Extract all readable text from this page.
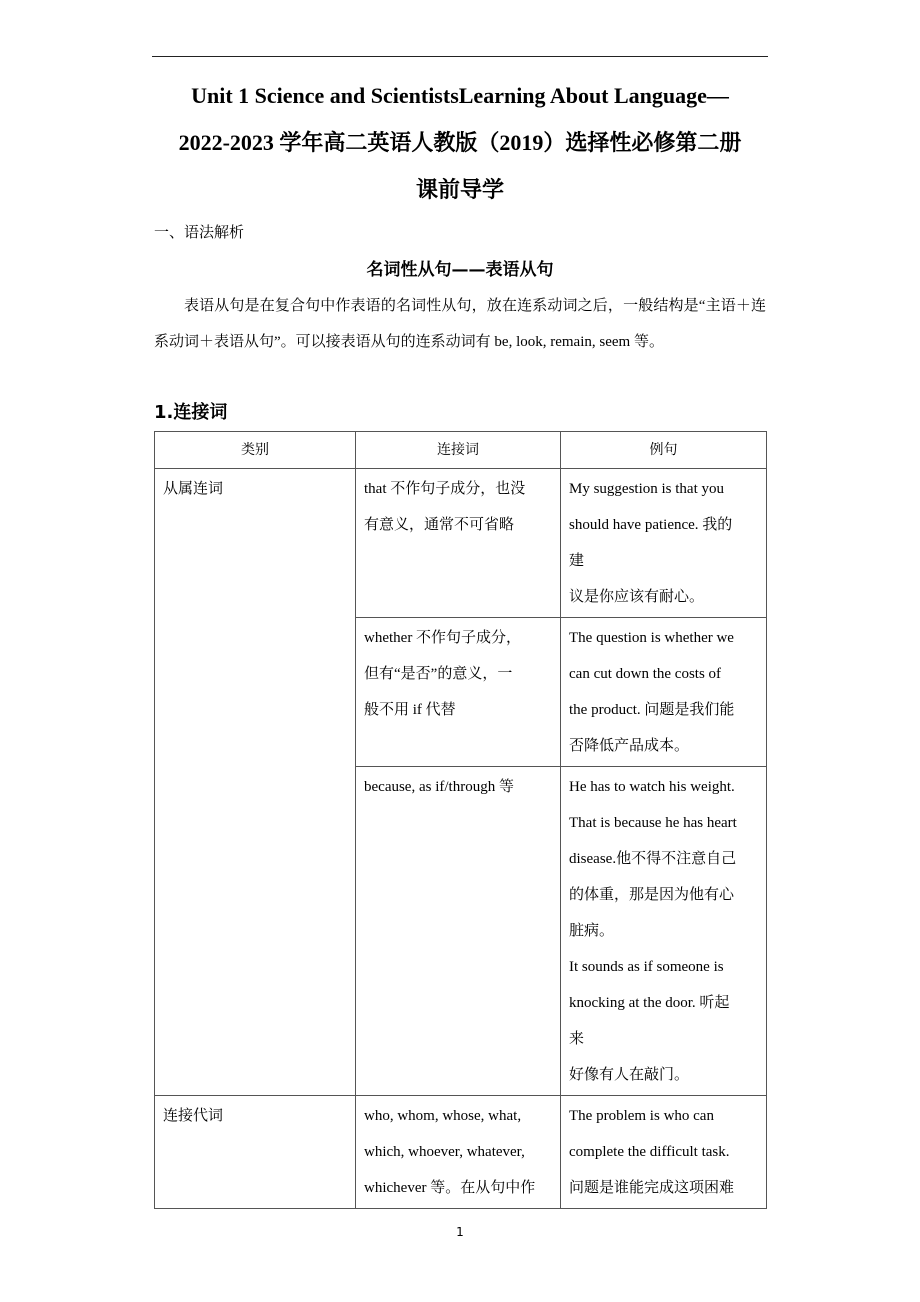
Unit 1 Science and ScientistsLearning About Language—
2022-2023 学年高二英语人教版（2019）选择性必修第二册
课前导学
一、语法解析
名词性从句——表语从句
表语从句是在复合句中作表语的名词性从句，放在连系动词之后，一般结构是“主语＋连系动词＋表语从句”。可以接表语从句的连系动词有 be, look, remain, seem 等。
1.连接词
类别	连接词	例句

从属连词	that 不作句子成分，也没
有意义，通常不可省略	My suggestion is that you
should have patience. 我的
建
议是你应该有耐心。

	whether 不作句子成分，
但有“是否”的意义，一
般不用 if 代替	The question is whether we
can cut down the costs of
the product. 问题是我们能
否降低产品成本。

because, as if/through 等	He has to watch his weight.
That is because he has heart
disease.他不得不注意自己
的体重，那是因为他有心
脏病。
It sounds as if someone is
knocking at the door. 听起
来
好像有人在敲门。

连接代词	who, whom, whose, what,
which, whoever, whatever,
whichever 等。在从句中作	The problem is who can
complete the difficult task.
问题是谁能完成这项困难
1
